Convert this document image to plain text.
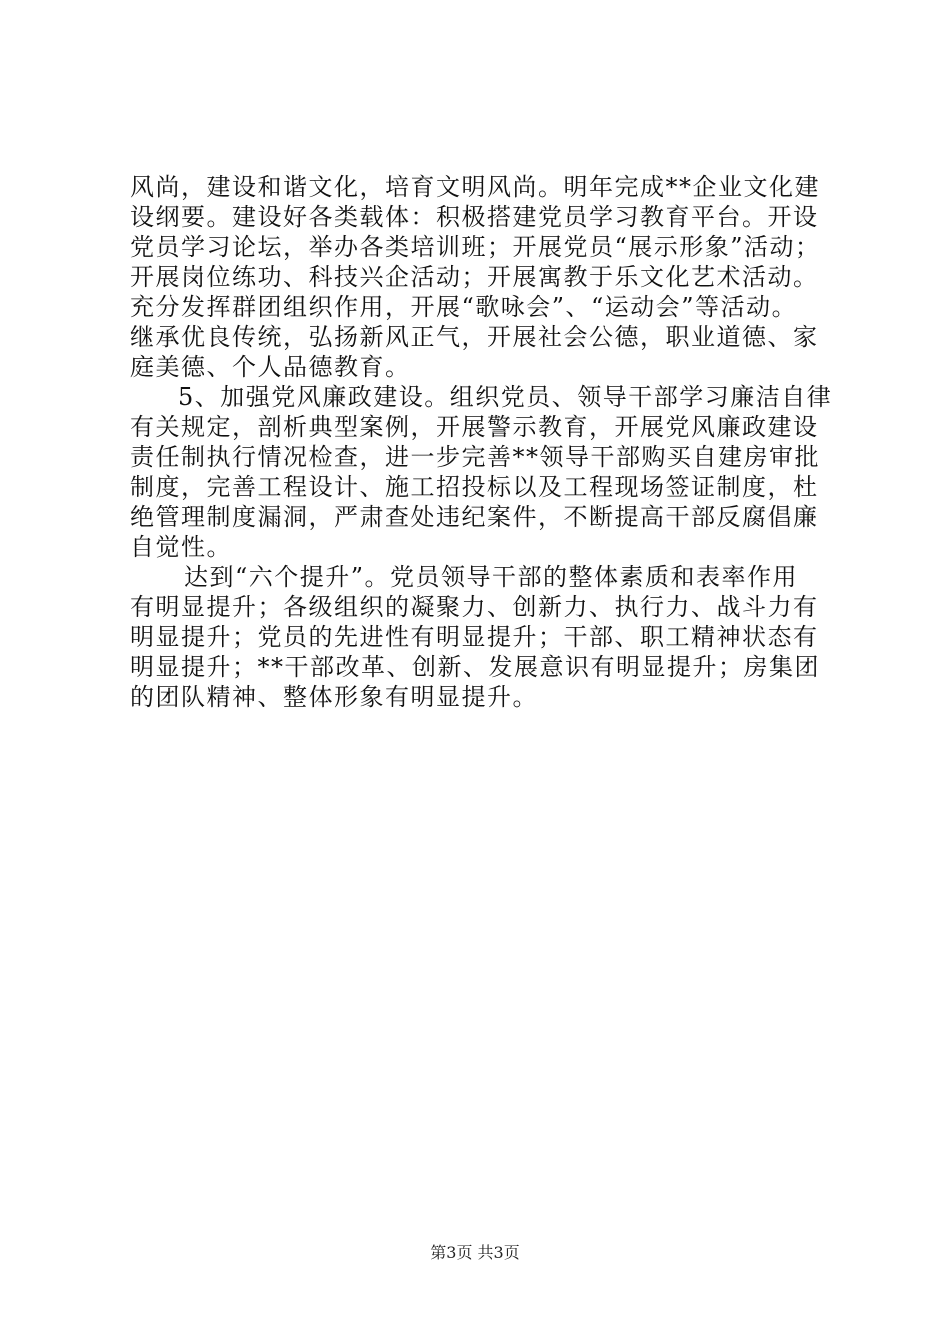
风尚，建设和谐文化，培育文明风尚。明年完成**企业文化建
设纲要。建设好各类载体：积极搭建党员学习教育平台。开设
党员学习论坛，举办各类培训班；开展党员“展示形象”活动；
开展岗位练功、科技兴企活动；开展寓教于乐文化艺术活动。
充分发挥群团组织作用，开展“歌咏会”、“运动会”等活动。
继承优良传统，弘扬新风正气，开展社会公德，职业道德、家
庭美德、个人品德教育。
5、加强党风廉政建设。组织党员、领导干部学习廉洁自律
有关规定，剖析典型案例，开展警示教育，开展党风廉政建设
责任制执行情况检查，进一步完善**领导干部购买自建房审批
制度，完善工程设计、施工招投标以及工程现场签证制度，杜
绝管理制度漏洞，严肃查处违纪案件，不断提高干部反腐倡廉
自觉性。
达到“六个提升”。党员领导干部的整体素质和表率作用
有明显提升；各级组织的凝聚力、创新力、执行力、战斗力有
明显提升；党员的先进性有明显提升；干部、职工精神状态有
明显提升；**干部改革、创新、发展意识有明显提升；房集团
的团队精神、整体形象有明显提升。
第3页 共3页
